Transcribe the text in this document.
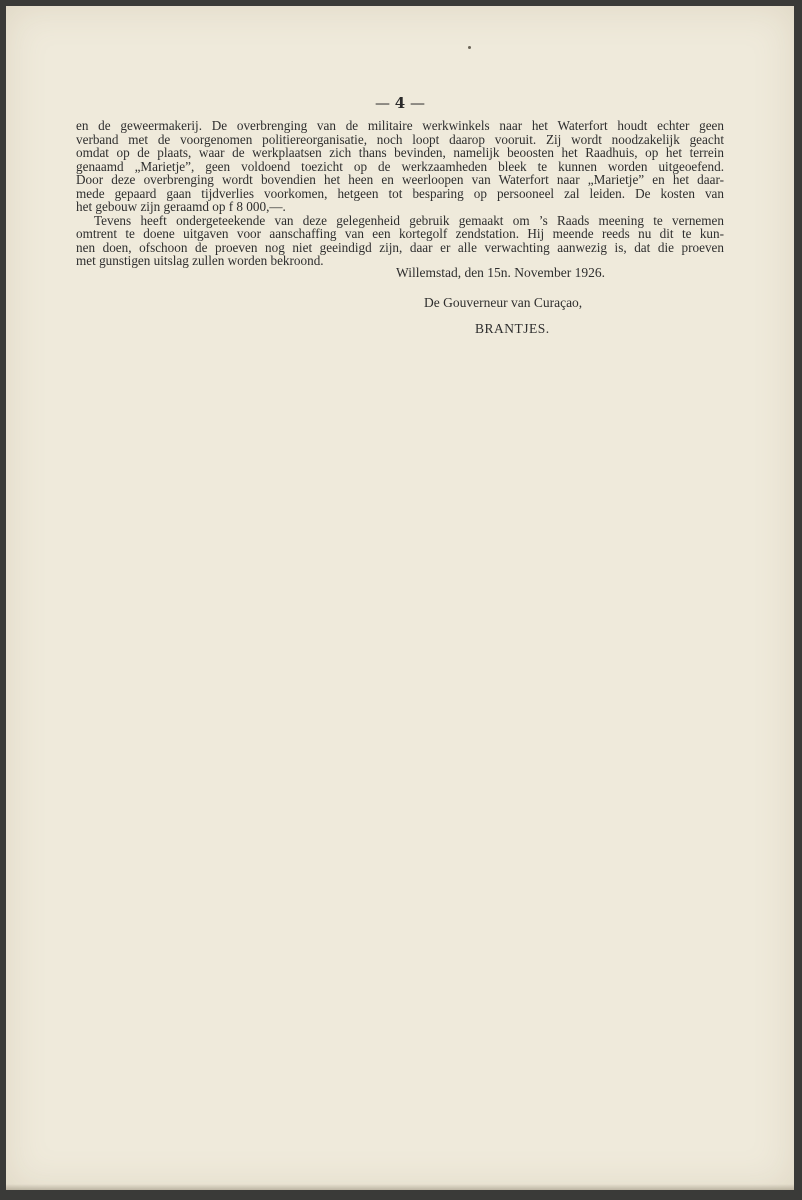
— 4 —
en de geweermakerij. De overbrenging van de militaire werkwinkels naar het Waterfort houdt echter geen
verband met de voorgenomen politiereorganisatie, noch loopt daarop vooruit. Zij wordt noodzakelijk geacht
omdat op de plaats, waar de werkplaatsen zich thans bevinden, namelijk beoosten het Raadhuis, op het terrein
genaamd „Marietje”, geen voldoend toezicht op de werkzaamheden bleek te kunnen worden uitgeoefend.
Door deze overbrenging wordt bovendien het heen en weerloopen van Waterfort naar „Marietje” en het daar-
mede gepaard gaan tijdverlies voorkomen, hetgeen tot besparing op persooneel zal leiden. De kosten van
het gebouw zijn geraamd op f 8 000,—.
Tevens heeft ondergeteekende van deze gelegenheid gebruik gemaakt om ’s Raads meening te vernemen
omtrent te doene uitgaven voor aanschaffing van een kortegolf zendstation. Hij meende reeds nu dit te kun-
nen doen, ofschoon de proeven nog niet geeindigd zijn, daar er alle verwachting aanwezig is, dat die proeven
met gunstigen uitslag zullen worden bekroond.
Willemstad, den 15n. November 1926.
De Gouverneur van Curaçao,
BRANTJES.
